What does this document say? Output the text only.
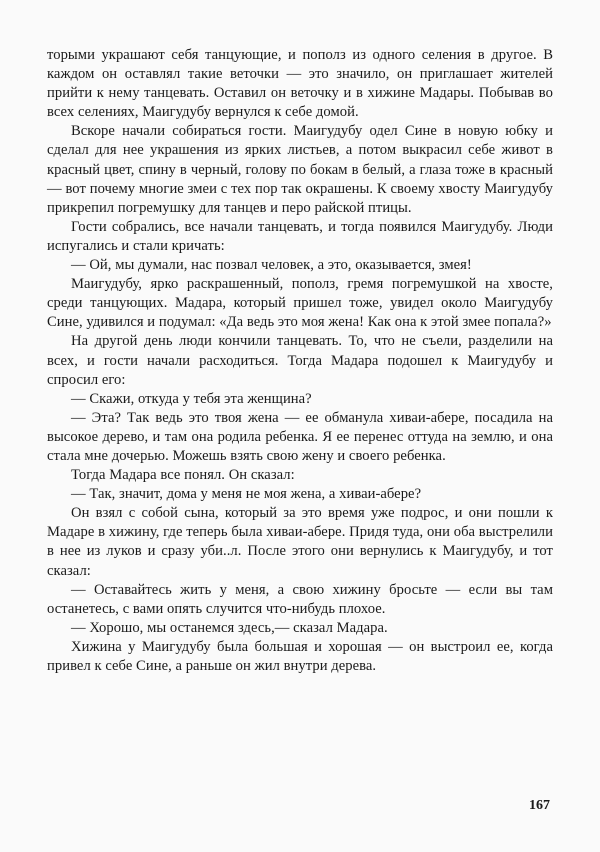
торыми украшают себя танцующие, и пополз из одного селения в другое. В каждом он оставлял такие веточки — это значило, он приглашает жителей прийти к нему танцевать. Оставил он веточку и в хижине Мадары. Побывав во всех селениях, Маигудубу вернулся к себе домой.

Вскоре начали собираться гости. Маигудубу одел Сине в новую юбку и сделал для нее украшения из ярких листьев, а потом выкрасил себе живот в красный цвет, спину в черный, голову по бокам в белый, а глаза тоже в красный — вот почему многие змеи с тех пор так окрашены. К своему хвосту Маигудубу прикрепил погремушку для танцев и перо райской птицы.

Гости собрались, все начали танцевать, и тогда появился Маигудубу. Люди испугались и стали кричать:

— Ой, мы думали, нас позвал человек, а это, оказывается, змея!

Маигудубу, ярко раскрашенный, пополз, гремя погремушкой на хвосте, среди танцующих. Мадара, который пришел тоже, увидел около Маигудубу Сине, удивился и подумал: «Да ведь это моя жена! Как она к этой змее попала?»

На другой день люди кончили танцевать. То, что не съели, разделили на всех, и гости начали расходиться. Тогда Мадара подошел к Маигудубу и спросил его:

— Скажи, откуда у тебя эта женщина?

— Эта? Так ведь это твоя жена — ее обманула хиваи-абере, посадила на высокое дерево, и там она родила ребенка. Я ее перенес оттуда на землю, и она стала мне дочерью. Можешь взять свою жену и своего ребенка.

Тогда Мадара все понял. Он сказал:

— Так, значит, дома у меня не моя жена, а хиваи-абере?

Он взял с собой сына, который за это время уже подрос, и они пошли к Мадаре в хижину, где теперь была хиваи-абере. Придя туда, они оба выстрелили в нее из луков и сразу уби..л. После этого они вернулись к Маигудубу, и тот сказал:

— Оставайтесь жить у меня, а свою хижину бросьте — если вы там останетесь, с вами опять случится что-нибудь плохое.

— Хорошо, мы останемся здесь,— сказал Мадара.

Хижина у Маигудубу была большая и хорошая — он выстроил ее, когда привел к себе Сине, а раньше он жил внутри дерева.

167
